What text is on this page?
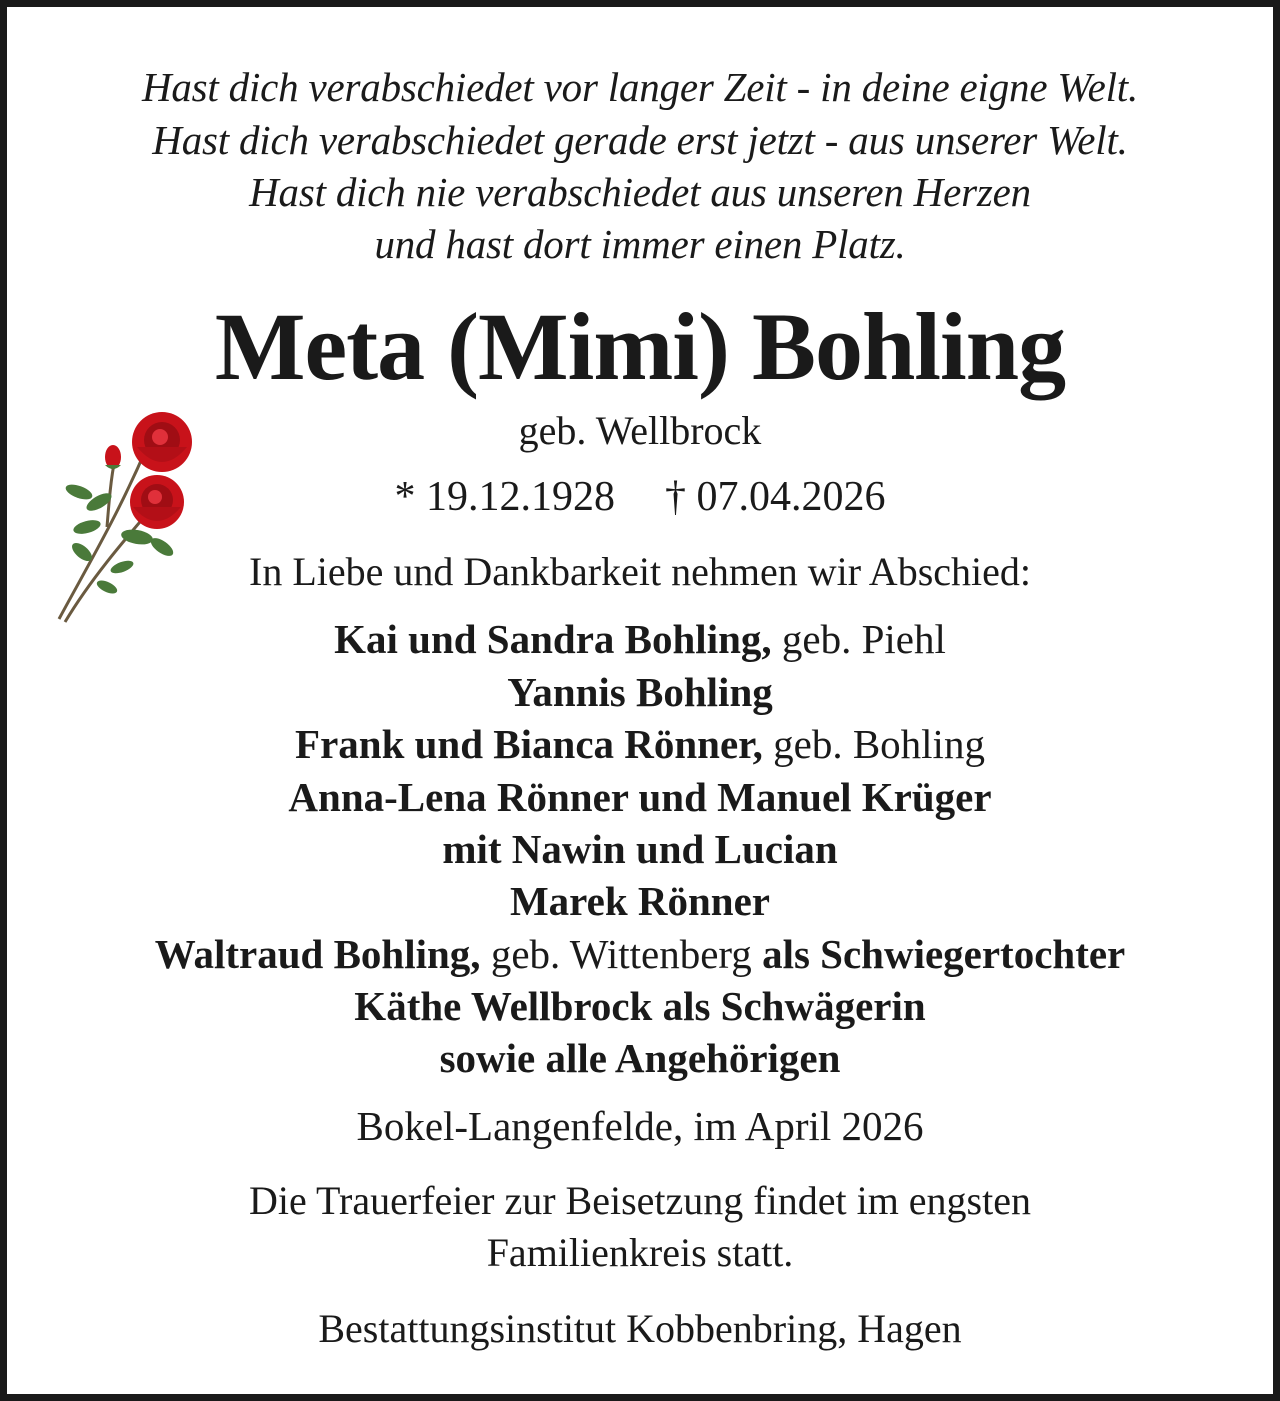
Hast dich verabschiedet vor langer Zeit - in deine eigne Welt.
Hast dich verabschiedet gerade erst jetzt - aus unserer Welt.
Hast dich nie verabschiedet aus unseren Herzen
und hast dort immer einen Platz.
Meta (Mimi) Bohling
geb. Wellbrock
* 19.12.1928 † 07.04.2026
In Liebe und Dankbarkeit nehmen wir Abschied:
Kai und Sandra Bohling, geb. Piehl
Yannis Bohling
Frank und Bianca Rönner, geb. Bohling
Anna-Lena Rönner und Manuel Krüger
mit Nawin und Lucian
Marek Rönner
Waltraud Bohling, geb. Wittenberg als Schwiegertochter
Käthe Wellbrock als Schwägerin
sowie alle Angehörigen
Bokel-Langenfelde, im April 2026
Die Trauerfeier zur Beisetzung findet im engsten
Familienkreis statt.
Bestattungsinstitut Kobbenbring, Hagen
